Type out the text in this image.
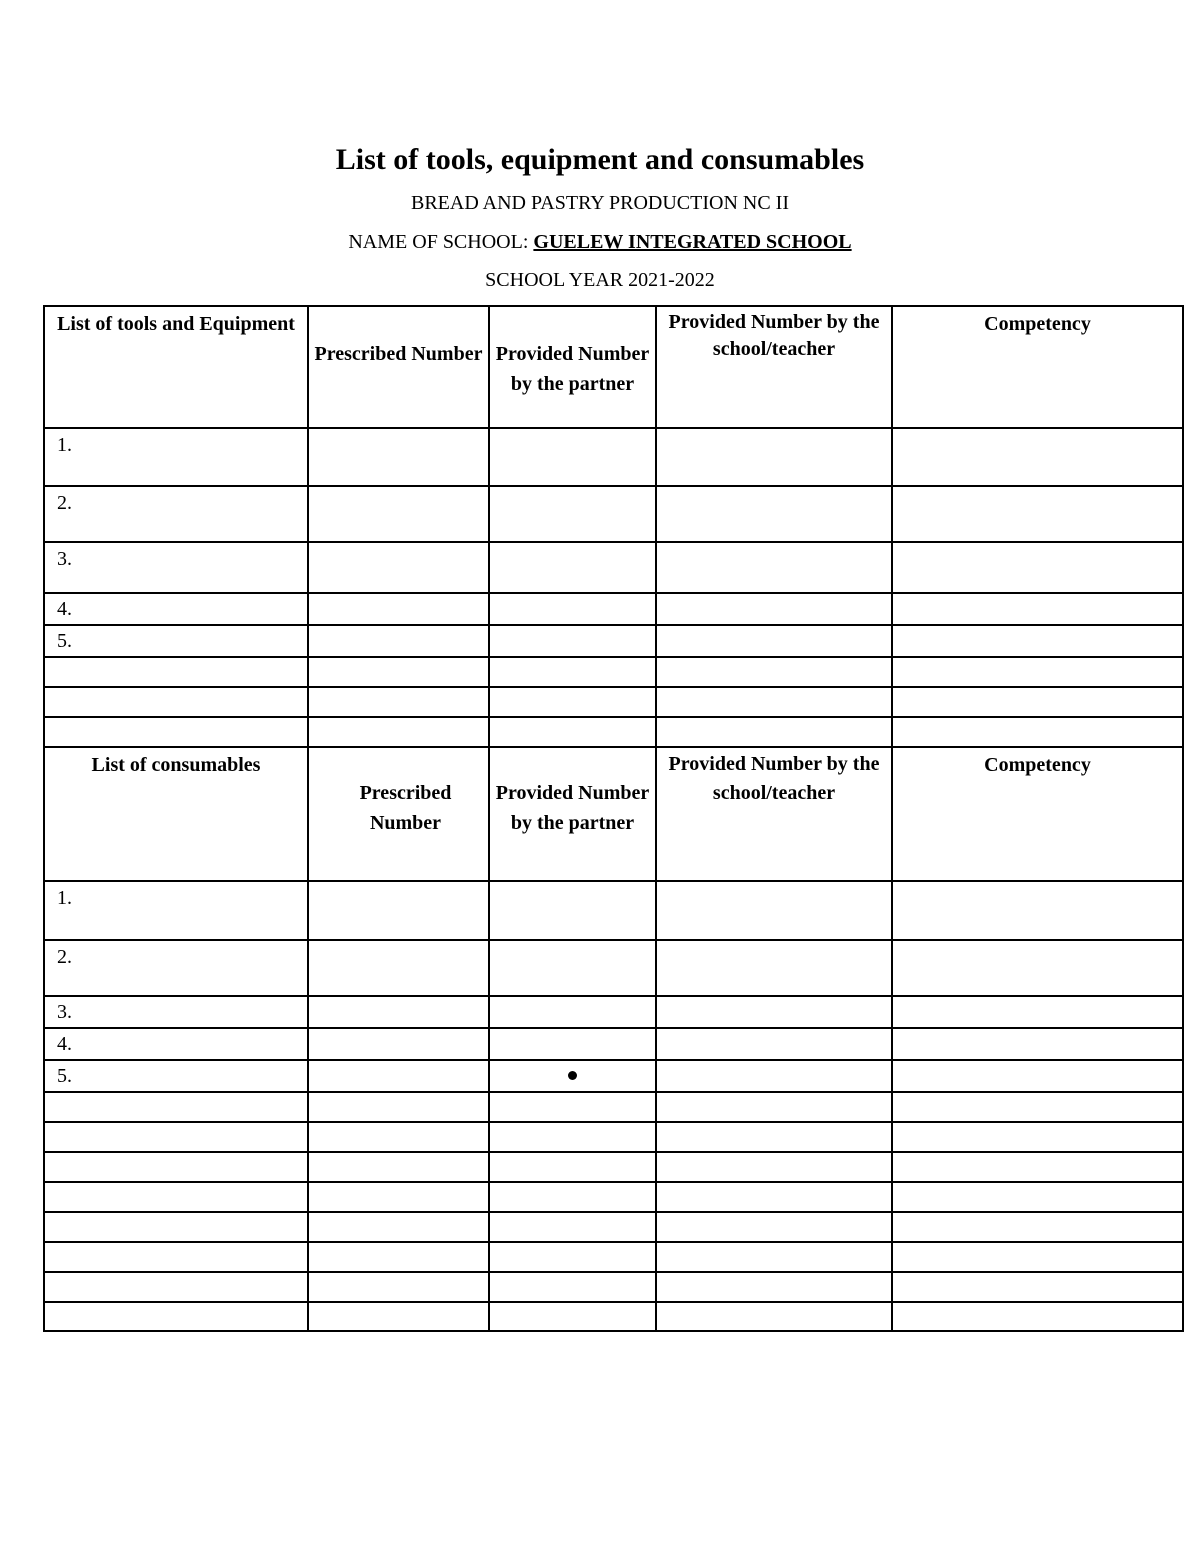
List of tools, equipment and consumables
BREAD AND PASTRY PRODUCTION NC II
NAME OF SCHOOL: GUELEW INTEGRATED SCHOOL
SCHOOL YEAR 2021-2022
List of tools and Equipment	Prescribed Number	Provided Number by the partner	Provided Number by the school/teacher	Competency

1.				

2.				

3.				

4.				

5.				

List of consumables	Prescribed Number	Provided Number by the partner	Provided Number by the school/teacher	Competency

1.				

2.				

3.				

4.				

5.				
